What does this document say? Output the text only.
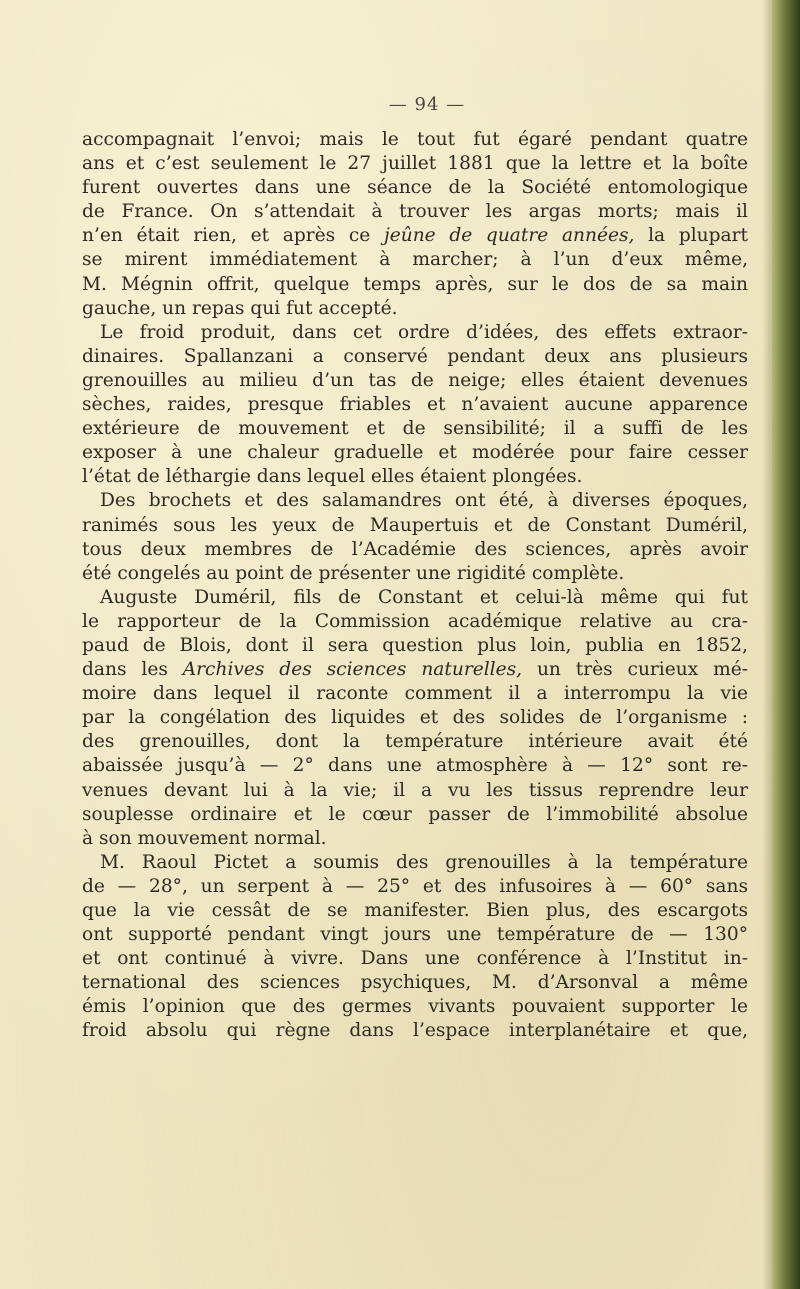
— 94 —
accompagnait l’envoi; mais le tout fut égaré pendant quatre
ans et c’est seulement le 27 juillet 1881 que la lettre et la boîte
furent ouvertes dans une séance de la Société entomologique
de France. On s’attendait à trouver les argas morts; mais il
n’en était rien, et après ce jeûne de quatre années, la plupart
se mirent immédiatement à marcher; à l’un d’eux même,
M. Mégnin offrit, quelque temps après, sur le dos de sa main
gauche, un repas qui fut accepté.
Le froid produit, dans cet ordre d’idées, des effets extraor-
dinaires. Spallanzani a conservé pendant deux ans plusieurs
grenouilles au milieu d’un tas de neige; elles étaient devenues
sèches, raides, presque friables et n’avaient aucune apparence
extérieure de mouvement et de sensibilité; il a suffi de les
exposer à une chaleur graduelle et modérée pour faire cesser
l’état de léthargie dans lequel elles étaient plongées.
Des brochets et des salamandres ont été, à diverses époques,
ranimés sous les yeux de Maupertuis et de Constant Duméril,
tous deux membres de l’Académie des sciences, après avoir
été congelés au point de présenter une rigidité complète.
Auguste Duméril, fils de Constant et celui-là même qui fut
le rapporteur de la Commission académique relative au cra-
paud de Blois, dont il sera question plus loin, publia en 1852,
dans les Archives des sciences naturelles, un très curieux mé-
moire dans lequel il raconte comment il a interrompu la vie
par la congélation des liquides et des solides de l’organisme :
des grenouilles, dont la température intérieure avait été
abaissée jusqu’à — 2° dans une atmosphère à — 12° sont re-
venues devant lui à la vie; il a vu les tissus reprendre leur
souplesse ordinaire et le cœur passer de l’immobilité absolue
à son mouvement normal.
M. Raoul Pictet a soumis des grenouilles à la température
de — 28°, un serpent à — 25° et des infusoires à — 60° sans
que la vie cessât de se manifester. Bien plus, des escargots
ont supporté pendant vingt jours une température de — 130°
et ont continué à vivre. Dans une conférence à l’Institut in-
ternational des sciences psychiques, M. d’Arsonval a même
émis l’opinion que des germes vivants pouvaient supporter le
froid absolu qui règne dans l’espace interplanétaire et que,
